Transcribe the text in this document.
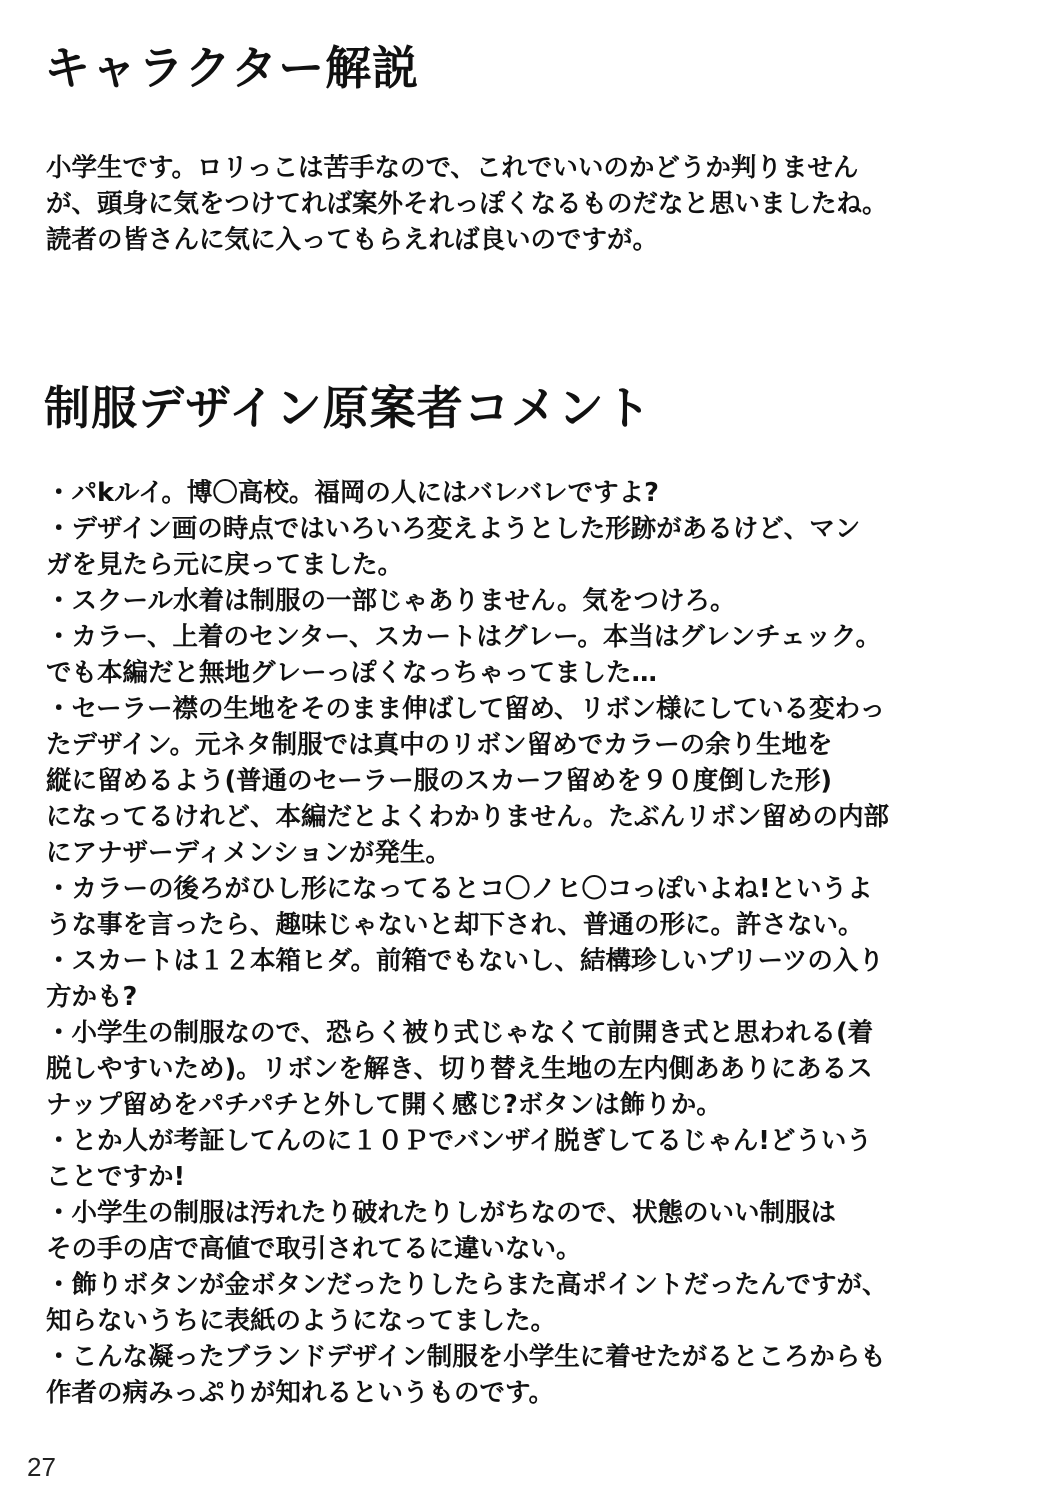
キャラクター解説
小学生です。ロリっこは苦手なので、これでいいのかどうか判りません
が、頭身に気をつけてれば案外それっぽくなるものだなと思いましたね。
読者の皆さんに気に入ってもらえれば良いのですが。
制服デザイン原案者コメント
・パkルイ。博〇高校。福岡の人にはバレバレですよ?
・デザイン画の時点ではいろいろ変えようとした形跡があるけど、マン
ガを見たら元に戻ってました。
・スクール水着は制服の一部じゃありません。気をつけろ。
・カラー、上着のセンター、スカートはグレー。本当はグレンチェック。
でも本編だと無地グレーっぽくなっちゃってました…
・セーラー襟の生地をそのまま伸ばして留め、リボン様にしている変わっ
たデザイン。元ネタ制服では真中のリボン留めでカラーの余り生地を
縦に留めるよう(普通のセーラー服のスカーフ留めを９０度倒した形)
になってるけれど、本編だとよくわかりません。たぶんリボン留めの内部
にアナザーディメンションが発生。
・カラーの後ろがひし形になってるとコ〇ノヒ〇コっぽいよね!というよ
うな事を言ったら、趣味じゃないと却下され、普通の形に。許さない。
・スカートは１２本箱ヒダ。前箱でもないし、結構珍しいプリーツの入り
方かも?
・小学生の制服なので、恐らく被り式じゃなくて前開き式と思われる(着
脱しやすいため)。リボンを解き、切り替え生地の左内側あありにあるス
ナップ留めをパチパチと外して開く感じ?ボタンは飾りか。
・とか人が考証してんのに１０Ｐでバンザイ脱ぎしてるじゃん!どういう
ことですか!
・小学生の制服は汚れたり破れたりしがちなので、状態のいい制服は
その手の店で高値で取引されてるに違いない。
・飾りボタンが金ボタンだったりしたらまた高ポイントだったんですが、
知らないうちに表紙のようになってました。
・こんな凝ったブランドデザイン制服を小学生に着せたがるところからも
作者の病みっぷりが知れるというものです。
27
